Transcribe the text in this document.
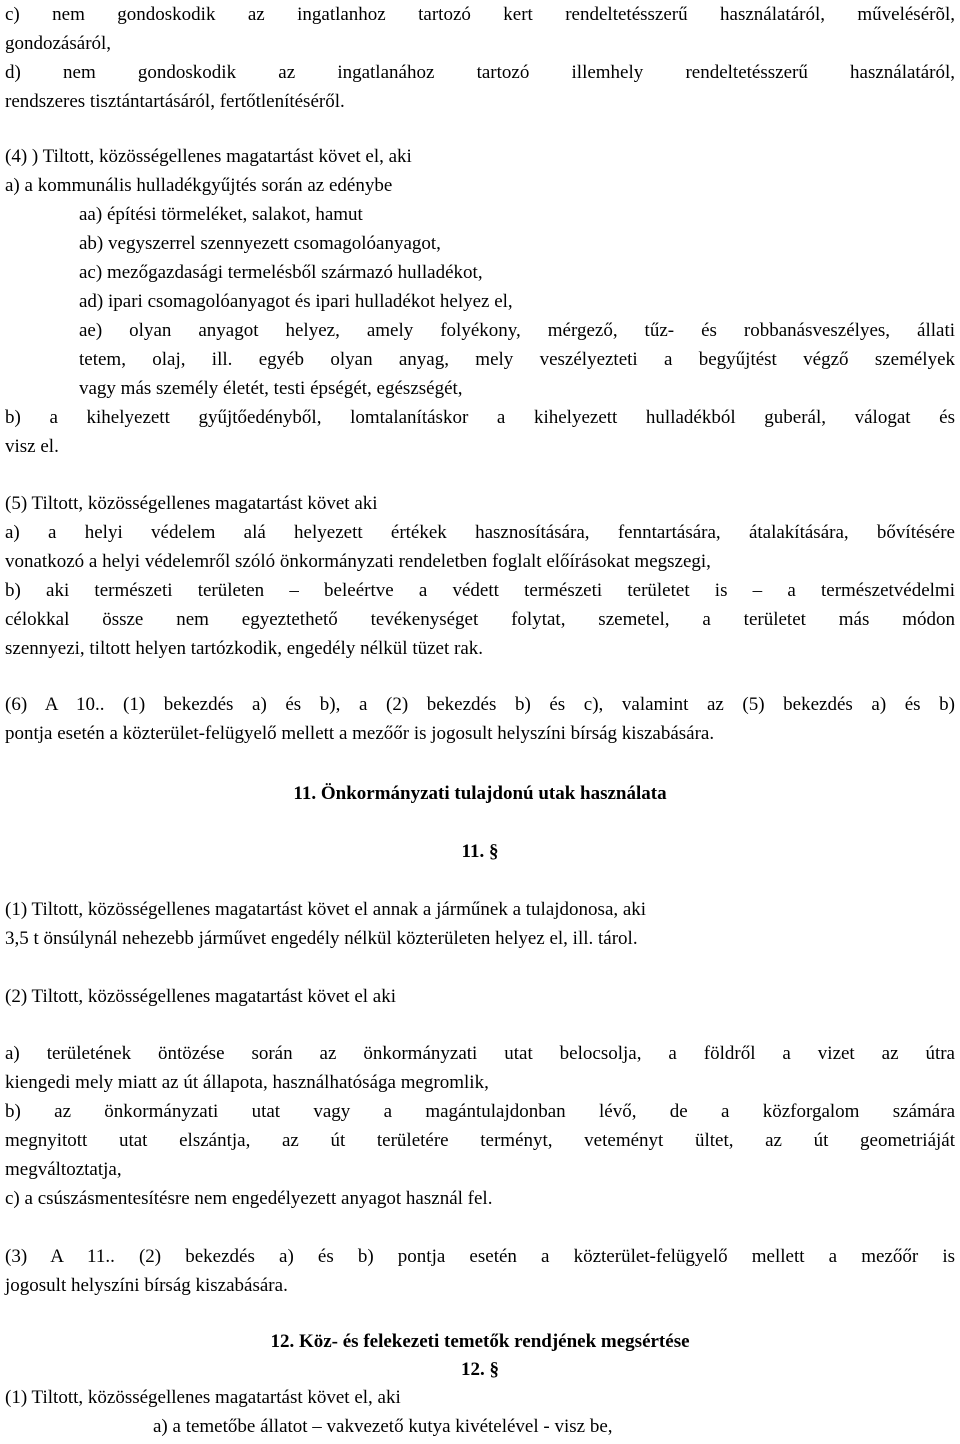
c) nem gondoskodik az ingatlanhoz tartozó kert rendeltetésszerű használatáról, művelésérõl,
gondozásáról,
d) nem gondoskodik az ingatlanához tartozó illemhely rendeltetésszerű használatáról,
rendszeres tisztántartásáról, fertőtlenítéséről.
(4) ) Tiltott, közösségellenes magatartást követ el, aki
a) a kommunális hulladékgyűjtés során az edénybe
aa) építési törmeléket, salakot, hamut
ab) vegyszerrel szennyezett csomagolóanyagot,
ac) mezőgazdasági termelésből származó hulladékot,
ad) ipari csomagolóanyagot és ipari hulladékot helyez el,
ae) olyan anyagot helyez, amely folyékony, mérgező, tűz- és robbanásveszélyes, állati
tetem, olaj, ill. egyéb olyan anyag, mely veszélyezteti a begyűjtést végző személyek
vagy más személy életét, testi épségét, egészségét,
b) a kihelyezett gyűjtőedényből, lomtalanításkor a kihelyezett hulladékból guberál, válogat és
visz el.
(5) Tiltott, közösségellenes magatartást követ aki
a) a helyi védelem alá helyezett értékek hasznosítására, fenntartására, átalakítására, bővítésére
vonatkozó a helyi védelemről szóló önkormányzati rendeletben foglalt előírásokat megszegi,
b) aki természeti területen – beleértve a védett természeti területet is – a természetvédelmi
célokkal össze nem egyeztethető tevékenységet folytat, szemetel, a területet más módon
szennyezi, tiltott helyen tartózkodik, engedély nélkül tüzet rak.
(6) A 10.. (1) bekezdés a) és b), a (2) bekezdés b) és c), valamint az (5) bekezdés a) és b)
pontja esetén a közterület-felügyelő mellett a mezőőr is jogosult helyszíni bírság kiszabására.
11. Önkormányzati tulajdonú utak használata
11. §
(1) Tiltott, közösségellenes magatartást követ el annak a járműnek a tulajdonosa, aki
3,5 t önsúlynál nehezebb járművet engedély nélkül közterületen helyez el, ill. tárol.
(2) Tiltott, közösségellenes magatartást követ el aki
a) területének öntözése során az önkormányzati utat belocsolja, a földről a vizet az útra
kiengedi mely miatt az út állapota, használhatósága megromlik,
b) az önkormányzati utat vagy a magántulajdonban lévő, de a közforgalom számára
megnyitott utat elszántja, az út területére terményt, veteményt ültet, az út geometriáját
megváltoztatja,
c) a csúszásmentesítésre nem engedélyezett anyagot használ fel.
(3) A 11.. (2) bekezdés a) és b) pontja esetén a közterület-felügyelő mellett a mezőőr is
jogosult helyszíni bírság kiszabására.
12. Köz- és felekezeti temetők rendjének megsértése
12. §
(1) Tiltott, közösségellenes magatartást követ el, aki
a) a temetőbe állatot – vakvezető kutya kivételével - visz be,
